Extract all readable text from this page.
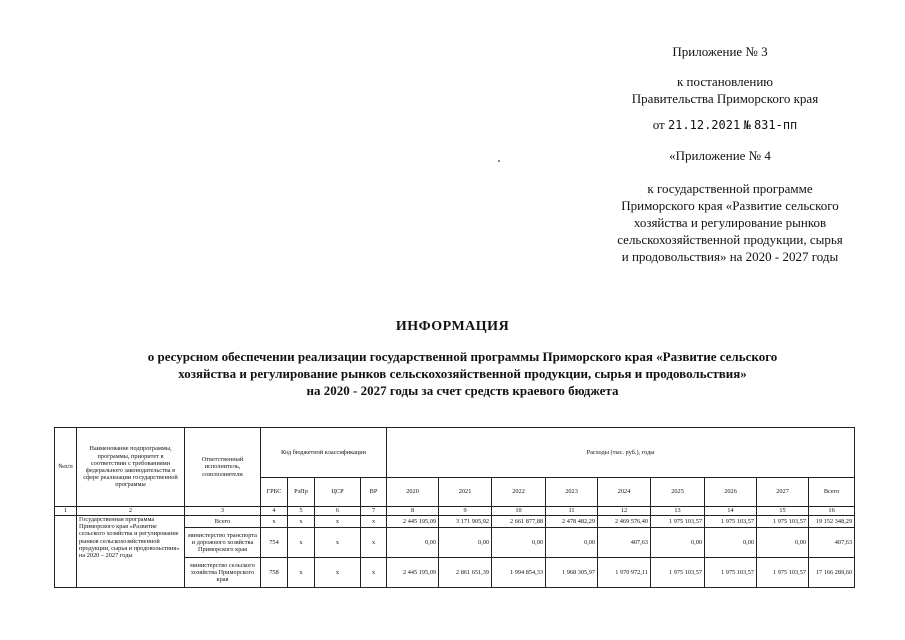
Приложение № 3
к постановлению
Правительства Приморского края
от 21.12.2021 № 831-пп
«Приложение № 4
к государственной программе
Приморского края «Развитие сельского
хозяйства и регулирование рынков
сельскохозяйственной продукции, сырья
и продовольствия» на 2020 - 2027 годы
ИНФОРМАЦИЯ
о ресурсном обеспечении реализации государственной программы Приморского края «Развитие сельского
хозяйства и регулирование рынков сельскохозяйственной продукции, сырья и продовольствия»
на 2020 - 2027 годы за счет средств краевого бюджета
№п/п	Наименование подпрограммы, программы, приоритет в соответствии с требованиями федерального законодательства в сфере реализации государственной программы	Ответственный исполнитель, соисполнители	Код бюджетной классификации				Расходы (тыс. руб.), годы								
			ГРБС	РзПр	ЦСР	ВР	2020	2021	2022	2023	2024	2025	2026	2027	Всего
1	2	3	4	5	6	7	8	9	10	11	12	13	14	15	16
	Государственная программа Приморского края «Развитие сельского хозяйства и регулирование рынков сельскохозяйственной продукции, сырья и продовольствия» на 2020 – 2027 годы	Всего	x	x	x	x	2 445 195,09	3 171 905,92	2 661 877,88	2 478 482,29	2 469 576,40	1 975 103,57	1 975 103,57	1 975 103,57	19 152 348,29
		министерство транспорта и дорожного хозяйства Приморского края	754	x	x	x	0,00	0,00	0,00	0,00	407,63	0,00	0,00	0,00	407,63
		министерство сельского хозяйства Приморского края	758	x	x	x	2 445 195,09	2 861 651,39	1 994 854,33	1 968 305,97	1 970 972,11	1 975 103,57	1 975 103,57	1 975 103,57	17 166 289,60
